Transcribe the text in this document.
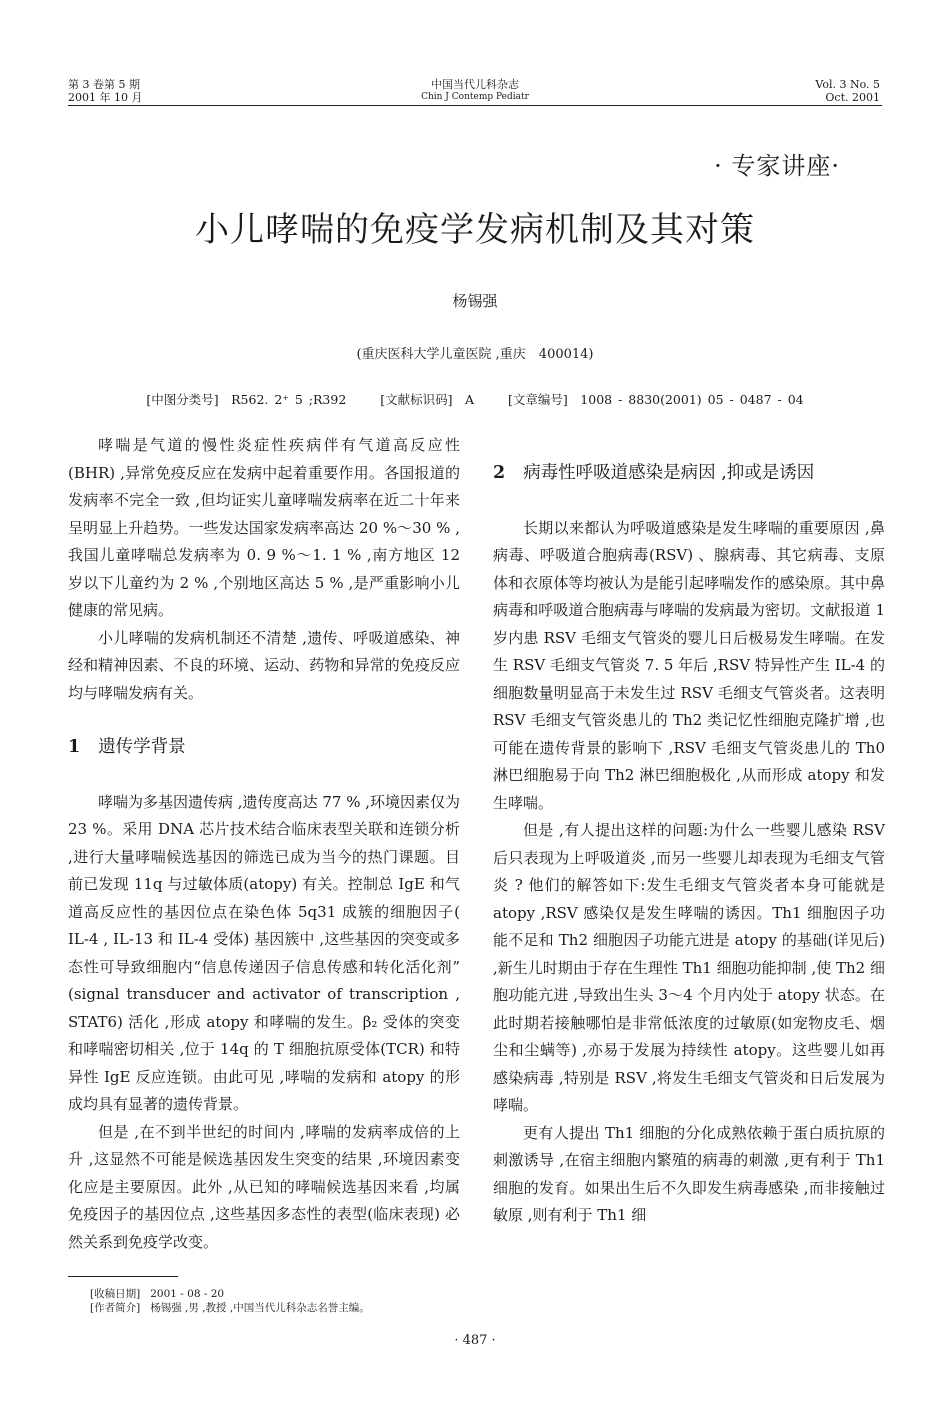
第 3 卷第 5 期
2001 年 10 月
中国当代儿科杂志
Chin J Contemp Pediatr
Vol. 3 No. 5
Oct. 2001
· 专家讲座·
小儿哮喘的免疫学发病机制及其对策
杨锡强
(重庆医科大学儿童医院 ,重庆　400014)
[中图分类号]　R562. 2⁺ 5 ;R392	[文献标识码]　A	[文章编号]　1008 - 8830(2001) 05 - 0487 - 04

哮喘是气道的慢性炎症性疾病伴有气道高反应性(BHR) ,异常免疫反应在发病中起着重要作用。各国报道的发病率不完全一致 ,但均证实儿童哮喘发病率在近二十年来呈明显上升趋势。一些发达国家发病率高达 20 %～30 % ,我国儿童哮喘总发病率为 0. 9 %～1. 1 % ,南方地区 12 岁以下儿童约为 2 % ,个别地区高达 5 % ,是严重影响小儿健康的常见病。

小儿哮喘的发病机制还不清楚 ,遗传、呼吸道感染、神经和精神因素、不良的环境、运动、药物和异常的免疫反应均与哮喘发病有关。

1 遗传学背景

哮喘为多基因遗传病 ,遗传度高达 77 % ,环境因素仅为 23 %。采用 DNA 芯片技术结合临床表型关联和连锁分析 ,进行大量哮喘候选基因的筛选已成为当今的热门课题。目前已发现 11q 与过敏体质(atopy) 有关。控制总 IgE 和气道高反应性的基因位点在染色体 5q31 成簇的细胞因子( IL-4 , IL-13 和 IL-4 受体) 基因簇中 ,这些基因的突变或多态性可导致细胞内“信息传递因子信息传感和转化活化剂” (signal transducer and activator of transcription , STAT6) 活化 ,形成 atopy 和哮喘的发生。β₂ 受体的突变和哮喘密切相关 ,位于 14q 的 T 细胞抗原受体(TCR) 和特异性 IgE 反应连锁。由此可见 ,哮喘的发病和 atopy 的形成均具有显著的遗传背景。

但是 ,在不到半世纪的时间内 ,哮喘的发病率成倍的上升 ,这显然不可能是候选基因发生突变的结果 ,环境因素变化应是主要原因。此外 ,从已知的哮喘候选基因来看 ,均属免疫因子的基因位点 ,这些基因多态性的表型(临床表现) 必然关系到免疫学改变。

2 病毒性呼吸道感染是病因 ,抑或是诱因

长期以来都认为呼吸道感染是发生哮喘的重要原因 ,鼻病毒、呼吸道合胞病毒(RSV) 、腺病毒、其它病毒、支原体和衣原体等均被认为是能引起哮喘发作的感染原。其中鼻病毒和呼吸道合胞病毒与哮喘的发病最为密切。文献报道 1 岁内患 RSV 毛细支气管炎的婴儿日后极易发生哮喘。在发生 RSV 毛细支气管炎 7. 5 年后 ,RSV 特异性产生 IL-4 的细胞数量明显高于未发生过 RSV 毛细支气管炎者。这表明 RSV 毛细支气管炎患儿的 Th2 类记忆性细胞克隆扩增 ,也可能在遗传背景的影响下 ,RSV 毛细支气管炎患儿的 Th0 淋巴细胞易于向 Th2 淋巴细胞极化 ,从而形成 atopy 和发生哮喘。

但是 ,有人提出这样的问题:为什么一些婴儿感染 RSV 后只表现为上呼吸道炎 ,而另一些婴儿却表现为毛细支气管炎 ? 他们的解答如下:发生毛细支气管炎者本身可能就是 atopy ,RSV 感染仅是发生哮喘的诱因。Th1 细胞因子功能不足和 Th2 细胞因子功能亢进是 atopy 的基础(详见后) ,新生儿时期由于存在生理性 Th1 细胞功能抑制 ,使 Th2 细胞功能亢进 ,导致出生头 3～4 个月内处于 atopy 状态。在此时期若接触哪怕是非常低浓度的过敏原(如宠物皮毛、烟尘和尘螨等) ,亦易于发展为持续性 atopy。这些婴儿如再感染病毒 ,特别是 RSV ,将发生毛细支气管炎和日后发展为哮喘。

更有人提出 Th1 细胞的分化成熟依赖于蛋白质抗原的刺激诱导 ,在宿主细胞内繁殖的病毒的刺激 ,更有利于 Th1 细胞的发育。如果出生后不久即发生病毒感染 ,而非接触过敏原 ,则有利于 Th1 细

[收稿日期] 2001 - 08 - 20
[作者简介] 杨锡强 ,男 ,教授 ,中国当代儿科杂志名誉主编。
· 487 ·
